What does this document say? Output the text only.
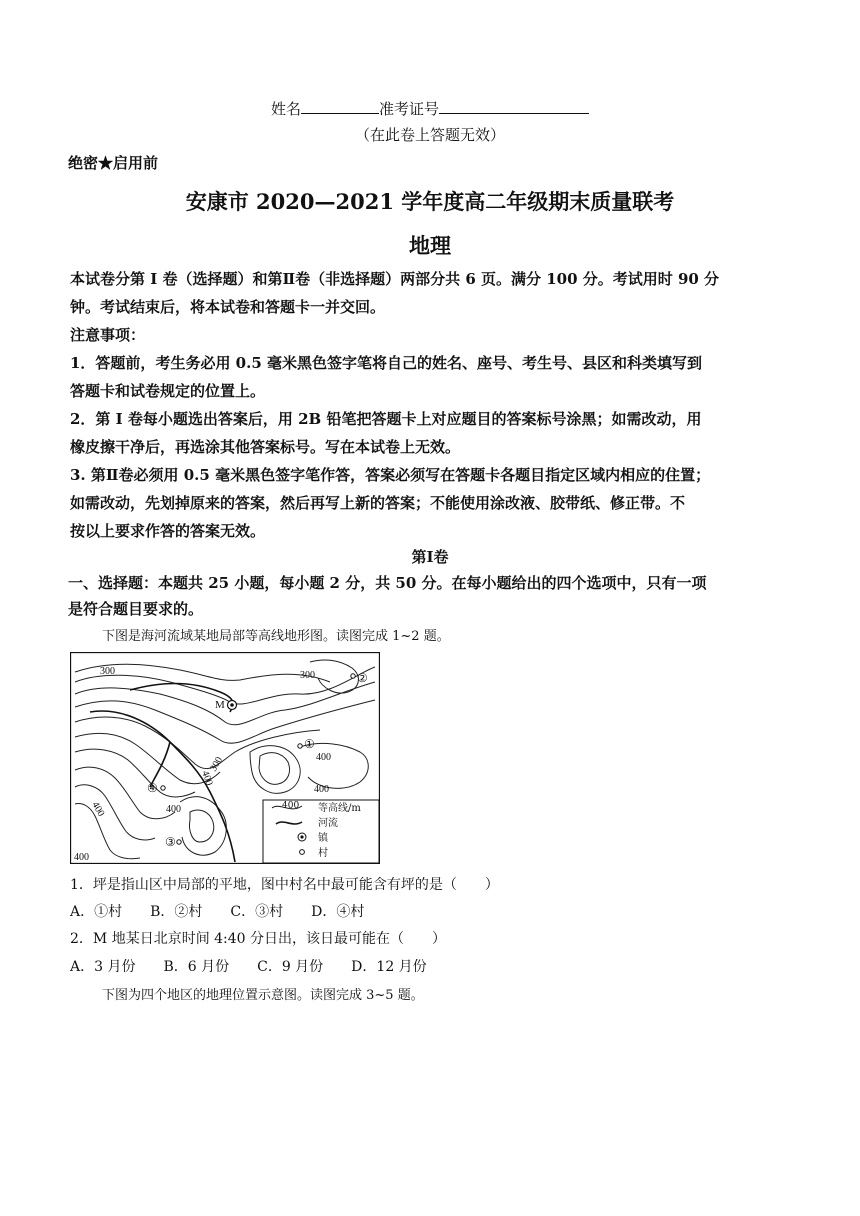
姓名	准考证号
（在此卷上答题无效）
绝密★启用前
安康市 2020—2021 学年度高二年级期末质量联考
地理
本试卷分第 I 卷（选择题）和第Ⅱ卷（非选择题）两部分共 6 页。满分 100 分。考试用时 90 分
钟。考试结束后，将本试卷和答题卡一并交回。
注意事项：
1．答题前，考生务必用 0.5 毫米黑色签字笔将自己的姓名、座号、考生号、县区和科类填写到
答题卡和试卷规定的位置上。
2．第 I 卷每小题选出答案后，用 2B 铅笔把答题卡上对应题目的答案标号涂黑；如需改动，用
橡皮擦干净后，再选涂其他答案标号。写在本试卷上无效。
3. 第Ⅱ卷必须用 0.5 毫米黑色签字笔作答，答案必须写在答题卡各题目指定区域内相应的住置；
如需改动，先划掉原来的答案，然后再写上新的答案；不能使用涂改液、胶带纸、修正带。不
按以上要求作答的答案无效。
第Ⅰ卷
一、选择题：本题共 25 小题，每小题 2 分，共 50 分。在每小题给出的四个选项中，只有一项
是符合题目要求的。
下图是海河流域某地局部等高线地形图。读图完成 1~2 题。
300	300
300	400
400
400
400
400
400
M
①
②
③
④
400 等高线/m
河流
镇
村
1．坪是指山区中局部的平地，图中村名中最可能含有坪的是（　　）
A．①村　　B．②村　　C．③村　　D．④村
2．M 地某日北京时间 4:40 分日出，该日最可能在（　　）
A．3 月份　　B．6 月份　　C．9 月份　　D．12 月份
下图为四个地区的地理位置示意图。读图完成 3~5 题。
